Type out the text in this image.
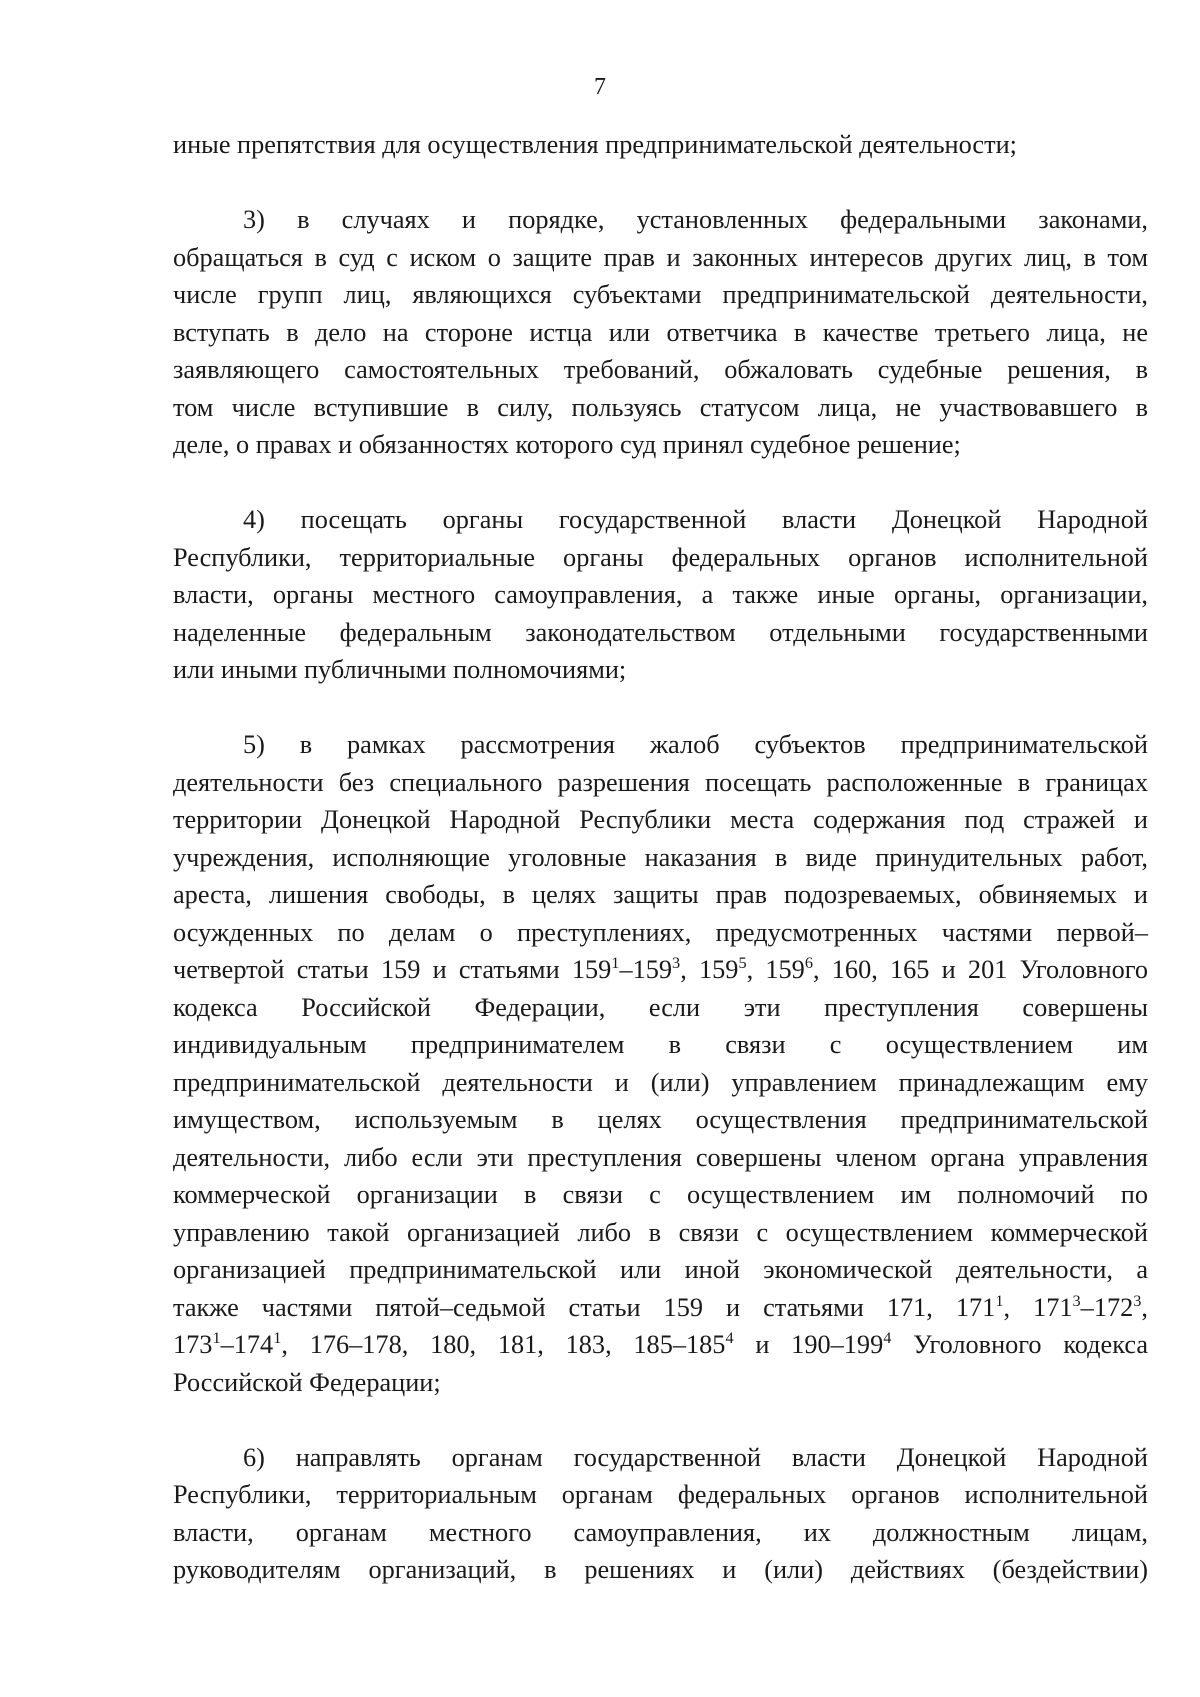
7
иные препятствия для осуществления предпринимательской деятельности;
3) в случаях и порядке, установленных федеральными законами,
обращаться в суд с иском о защите прав и законных интересов других лиц, в том
числе групп лиц, являющихся субъектами предпринимательской деятельности,
вступать в дело на стороне истца или ответчика в качестве третьего лица, не
заявляющего самостоятельных требований, обжаловать судебные решения, в
том числе вступившие в силу, пользуясь статусом лица, не участвовавшего в
деле, о правах и обязанностях которого суд принял судебное решение;
4) посещать органы государственной власти Донецкой Народной
Республики, территориальные органы федеральных органов исполнительной
власти, органы местного самоуправления, а также иные органы, организации,
наделенные федеральным законодательством отдельными государственными
или иными публичными полномочиями;
5) в рамках рассмотрения жалоб субъектов предпринимательской
деятельности без специального разрешения посещать расположенные в границах
территории Донецкой Народной Республики места содержания под стражей и
учреждения, исполняющие уголовные наказания в виде принудительных работ,
ареста, лишения свободы, в целях защиты прав подозреваемых, обвиняемых и
осужденных по делам о преступлениях, предусмотренных частями первой–
четвертой статьи 159 и статьями $159^1-159^3$, $159^5$, $159^6$, 160, 165 и 201 Уголовного
кодекса Российской Федерации, если эти преступления совершены
индивидуальным предпринимателем в связи с осуществлением им
предпринимательской деятельности и (или) управлением принадлежащим ему
имуществом, используемым в целях осуществления предпринимательской
деятельности, либо если эти преступления совершены членом органа управления
коммерческой организации в связи с осуществлением им полномочий по
управлению такой организацией либо в связи с осуществлением коммерческой
организацией предпринимательской или иной экономической деятельности, а
также частями пятой–седьмой статьи 159 и статьями 171, $171^1$, $171^3-172^3$,
$173^1-174^1$, 176–178, 180, 181, 183, $185-185^4$ и $190-199^4$ Уголовного кодекса
Российской Федерации;
6) направлять органам государственной власти Донецкой Народной
Республики, территориальным органам федеральных органов исполнительной
власти, органам местного самоуправления, их должностным лицам,
руководителям организаций, в решениях и (или) действиях (бездействии)
